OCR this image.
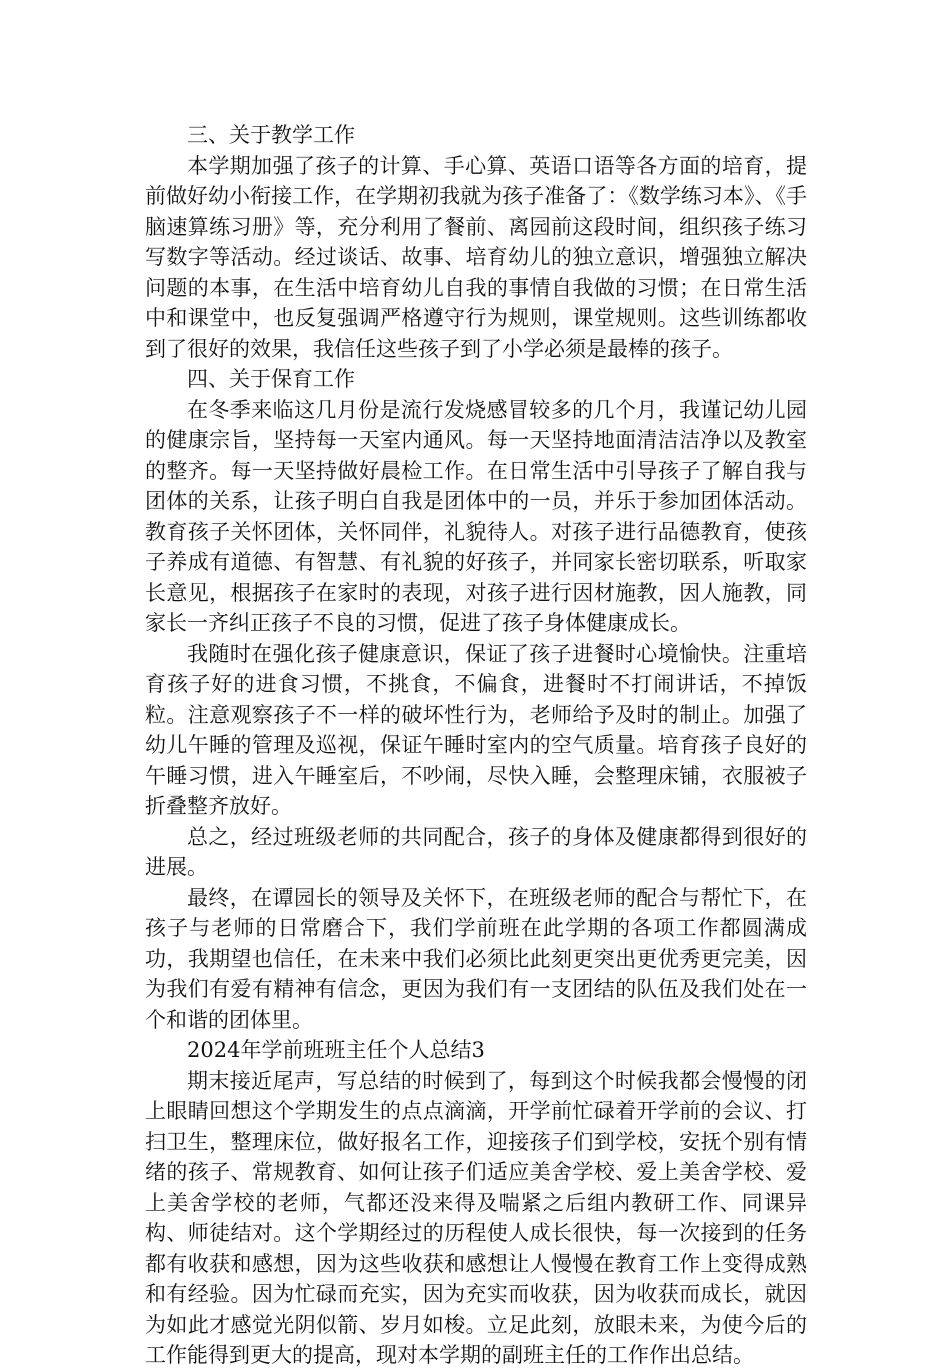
三、关于教学工作

本学期加强了孩子的计算、手心算、英语口语等各方面的培育，提前做好幼小衔接工作，在学期初我就为孩子准备了：《数学练习本》、《手脑速算练习册》等，充分利用了餐前、离园前这段时间，组织孩子练习写数字等活动。经过谈话、故事、培育幼儿的独立意识，增强独立解决问题的本事，在生活中培育幼儿自我的事情自我做的习惯；在日常生活中和课堂中，也反复强调严格遵守行为规则，课堂规则。这些训练都收到了很好的效果，我信任这些孩子到了小学必须是最棒的孩子。

四、关于保育工作

在冬季来临这几月份是流行发烧感冒较多的几个月，我谨记幼儿园的健康宗旨，坚持每一天室内通风。每一天坚持地面清洁洁净以及教室的整齐。每一天坚持做好晨检工作。在日常生活中引导孩子了解自我与团体的关系，让孩子明白自我是团体中的一员，并乐于参加团体活动。教育孩子关怀团体，关怀同伴，礼貌待人。对孩子进行品德教育，使孩子养成有道德、有智慧、有礼貌的好孩子，并同家长密切联系，听取家长意见，根据孩子在家时的表现，对孩子进行因材施教，因人施教，同家长一齐纠正孩子不良的习惯，促进了孩子身体健康成长。

我随时在强化孩子健康意识，保证了孩子进餐时心境愉快。注重培育孩子好的进食习惯，不挑食，不偏食，进餐时不打闹讲话，不掉饭粒。注意观察孩子不一样的破坏性行为，老师给予及时的制止。加强了幼儿午睡的管理及巡视，保证午睡时室内的空气质量。培育孩子良好的午睡习惯，进入午睡室后，不吵闹，尽快入睡，会整理床铺，衣服被子折叠整齐放好。

总之，经过班级老师的共同配合，孩子的身体及健康都得到很好的进展。

最终，在谭园长的领导及关怀下，在班级老师的配合与帮忙下，在孩子与老师的日常磨合下，我们学前班在此学期的各项工作都圆满成功，我期望也信任，在未来中我们必须比此刻更突出更优秀更完美，因为我们有爱有精神有信念，更因为我们有一支团结的队伍及我们处在一个和谐的团体里。

2024年学前班班主任个人总结3

期末接近尾声，写总结的时候到了，每到这个时候我都会慢慢的闭上眼睛回想这个学期发生的点点滴滴，开学前忙碌着开学前的会议、打扫卫生，整理床位，做好报名工作，迎接孩子们到学校，安抚个别有情绪的孩子、常规教育、如何让孩子们适应美舍学校、爱上美舍学校、爱上美舍学校的老师，气都还没来得及喘紧之后组内教研工作、同课异构、师徒结对。这个学期经过的历程使人成长很快，每一次接到的任务都有收获和感想，因为这些收获和感想让人慢慢在教育工作上变得成熟和有经验。因为忙碌而充实，因为充实而收获，因为收获而成长，就因为如此才感觉光阴似箭、岁月如梭。立足此刻，放眼未来，为使今后的工作能得到更大的提高，现对本学期的副班主任的工作作出总结。
